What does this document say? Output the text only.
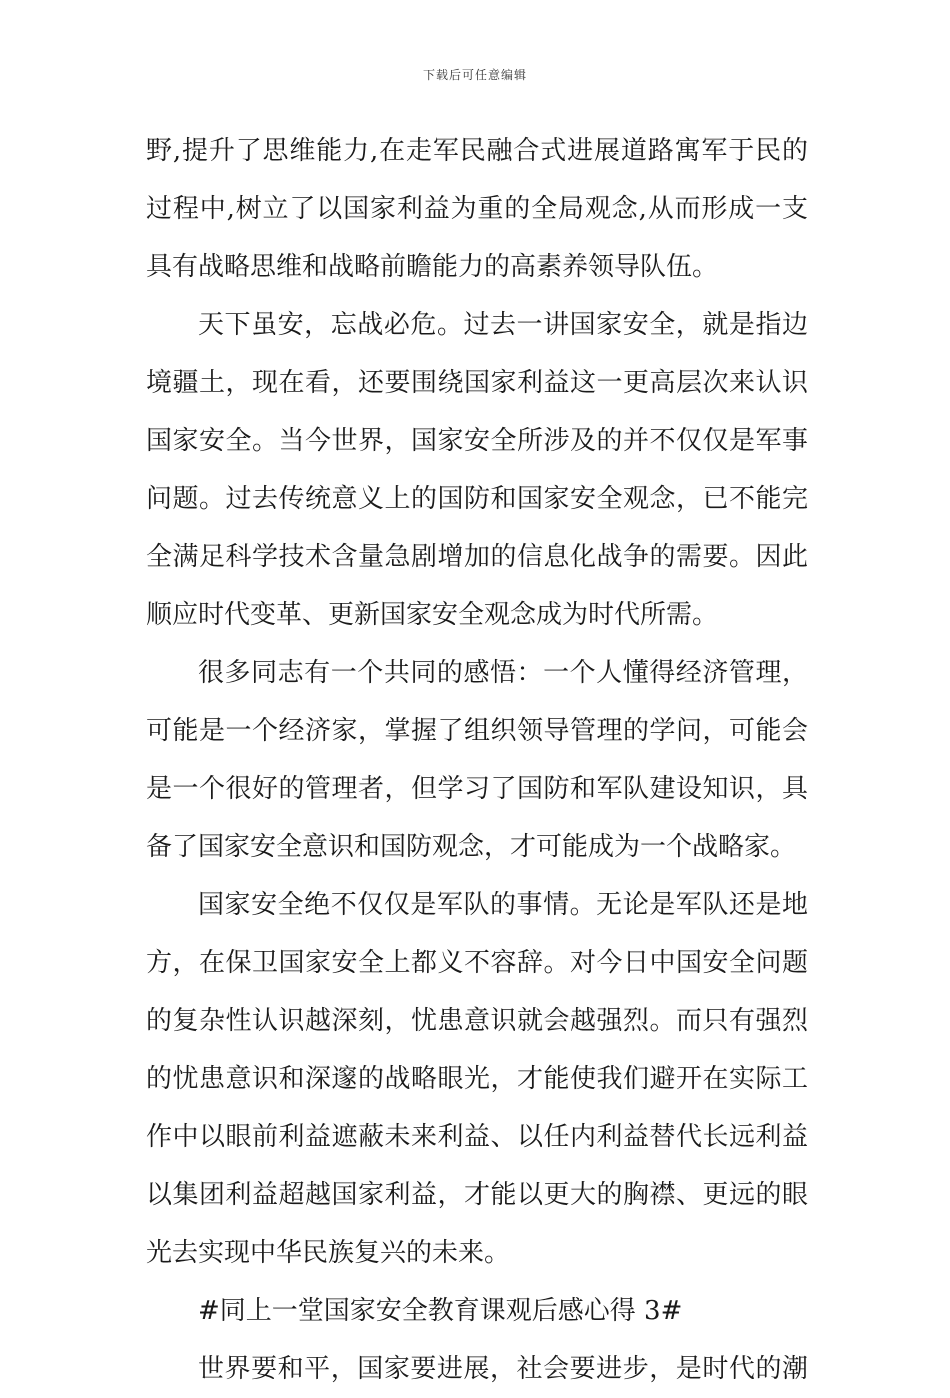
下载后可任意编辑
野,提升了思维能力,在走军民融合式进展道路寓军于民的
过程中,树立了以国家利益为重的全局观念,从而形成一支
具有战略思维和战略前瞻能力的高素养领导队伍。
天下虽安，忘战必危。过去一讲国家安全，就是指边
境疆土，现在看，还要围绕国家利益这一更高层次来认识
国家安全。当今世界，国家安全所涉及的并不仅仅是军事
问题。过去传统意义上的国防和国家安全观念，已不能完
全满足科学技术含量急剧增加的信息化战争的需要。因此
顺应时代变革、更新国家安全观念成为时代所需。
很多同志有一个共同的感悟：一个人懂得经济管理，
可能是一个经济家，掌握了组织领导管理的学问，可能会
是一个很好的管理者，但学习了国防和军队建设知识，具
备了国家安全意识和国防观念，才可能成为一个战略家。
国家安全绝不仅仅是军队的事情。无论是军队还是地
方，在保卫国家安全上都义不容辞。对今日中国安全问题
的复杂性认识越深刻，忧患意识就会越强烈。而只有强烈
的忧患意识和深邃的战略眼光，才能使我们避开在实际工
作中以眼前利益遮蔽未来利益、以任内利益替代长远利益
以集团利益超越国家利益，才能以更大的胸襟、更远的眼
光去实现中华民族复兴的未来。
#同上一堂国家安全教育课观后感心得 3#
世界要和平，国家要进展，社会要进步，是时代的潮
